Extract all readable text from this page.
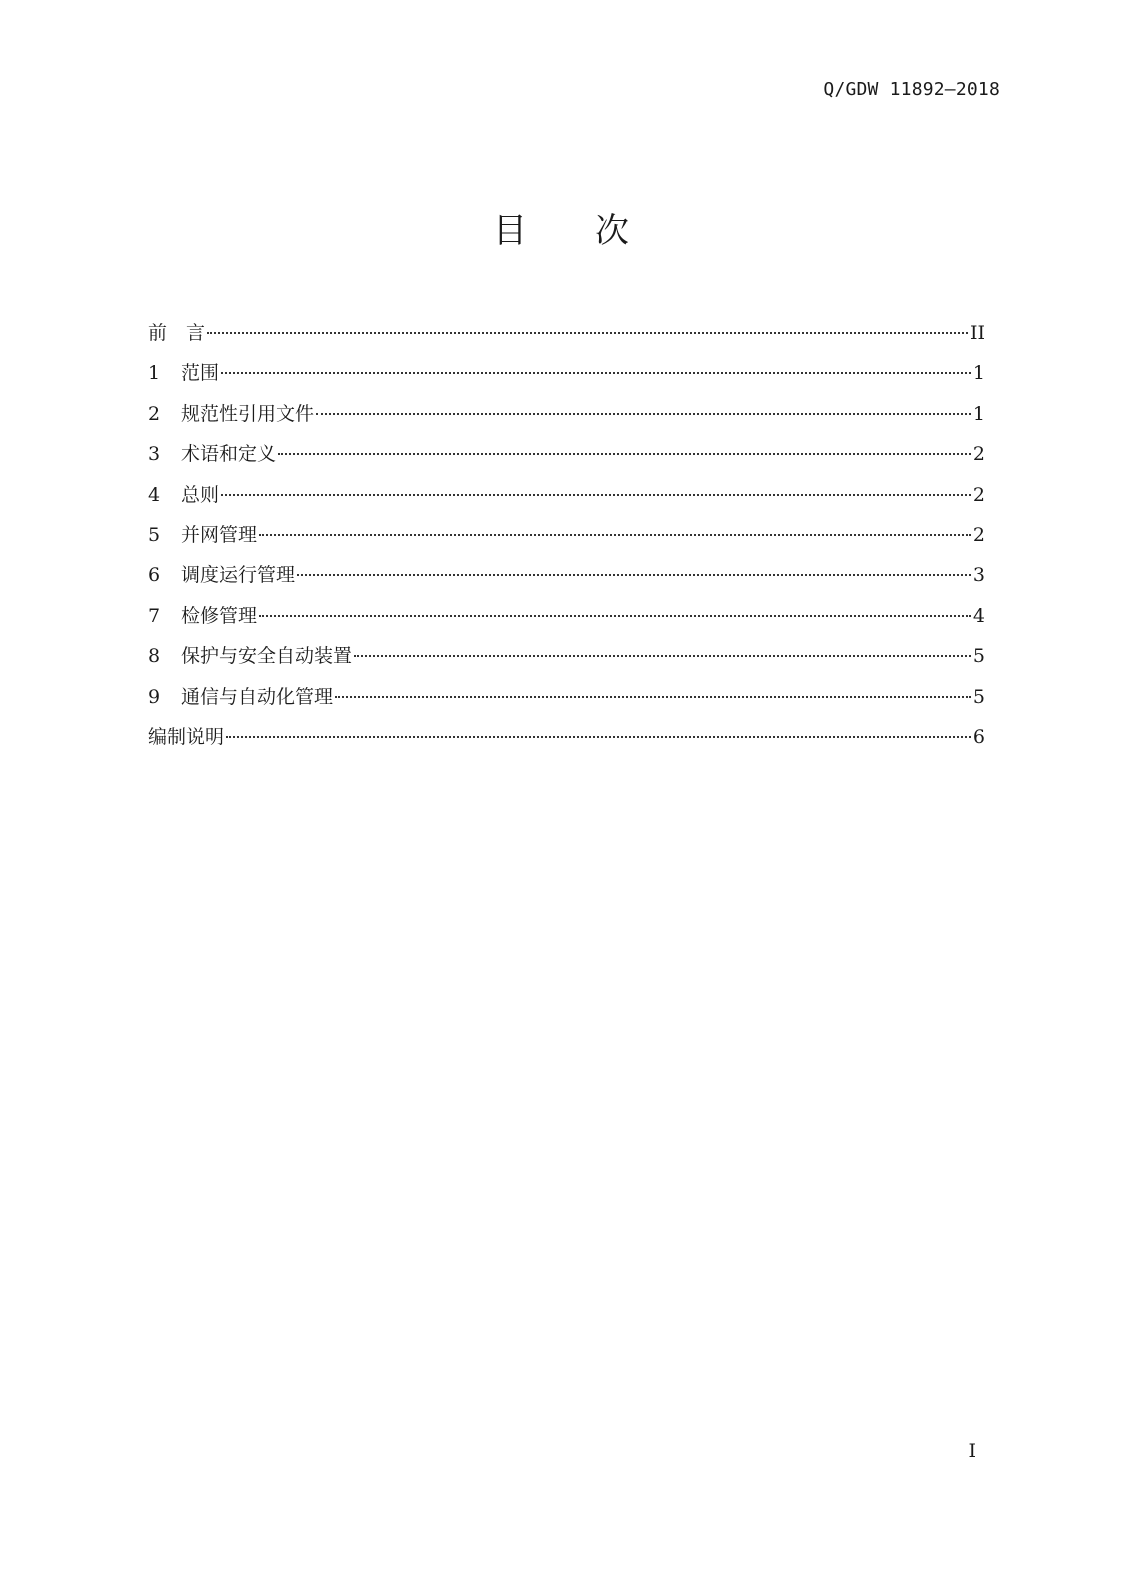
Q/GDW 11892—2018
目 次
前　言	II
1	范围	1
2	规范性引用文件	1
3	术语和定义	2
4	总则	2
5	并网管理	2
6	调度运行管理	3
7	检修管理	4
8	保护与安全自动装置	5
9	通信与自动化管理	5
编制说明	6
I
